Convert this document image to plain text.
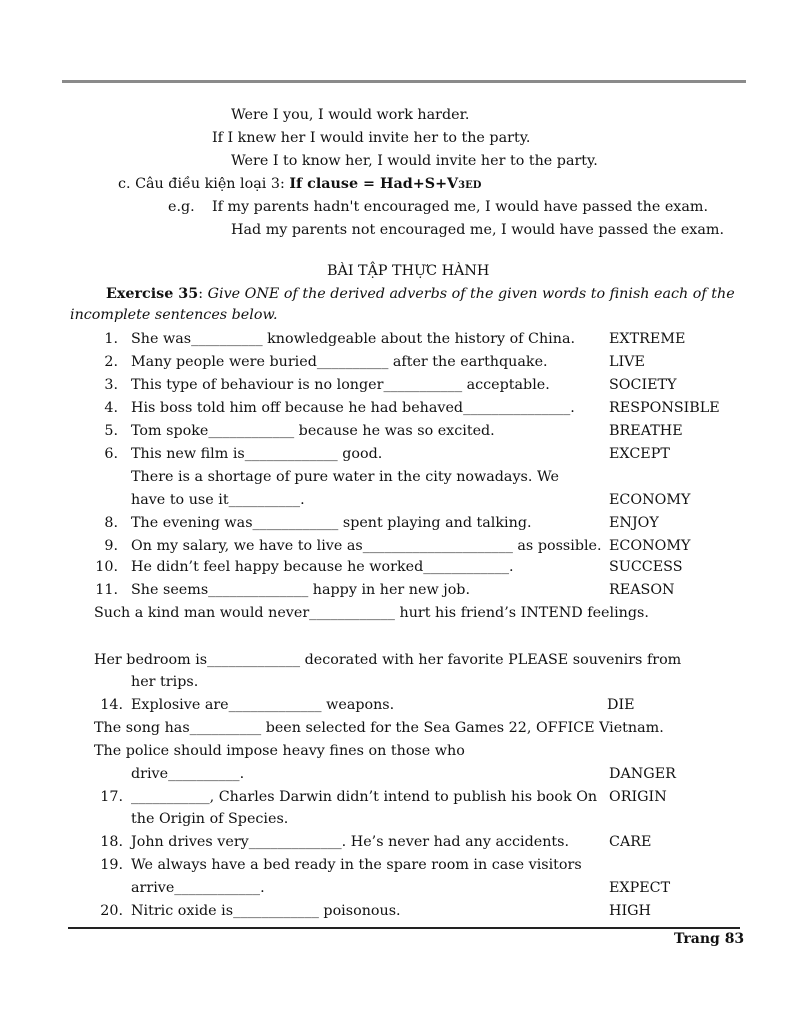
Were I you, I would work harder.
If I knew her I would invite her to the party.
Were I to know her, I would invite her to the party.
c. Câu điều kiện loại 3: If clause = Had+S+V3ED
e.g. If my parents hadn't encouraged me, I would have passed the exam.
Had my parents not encouraged me, I would have passed the exam.
BÀI TẬP THỰC HÀNH
Exercise 35: Give ONE of the derived adverbs of the given words to finish each of the
incomplete sentences below.
1. She was__________ knowledgeable about the history of China. EXTREME
2. Many people were buried__________ after the earthquake.	LIVE
3. This type of behaviour is no longer___________ acceptable.	SOCIETY
4. His boss told him off because he had behaved_______________. RESPONSIBLE
5. Tom spoke____________ because he was so excited.	BREATHE
6. This new film is_____________ good.	EXCEPT
There is a shortage of pure water in the city nowadays. We
have to use it__________.	ECONOMY
8. The evening was____________ spent playing and talking.	ENJOY
9. On my salary, we have to live as_____________________ as possible. ECONOMY
10. He didn’t feel happy because he worked____________.	SUCCESS
11. She seems______________ happy in her new job.	REASON
Such a kind man would never____________ hurt his friend’s INTEND feelings.
Her bedroom is_____________ decorated with her favorite PLEASE souvenirs from
her trips.
14. Explosive are_____________ weapons.	DIE
The song has__________ been selected for the Sea Games 22, OFFICE Vietnam.
The police should impose heavy fines on those who
drive__________.	DANGER
17. ___________, Charles Darwin didn’t intend to publish his book On ORIGIN
the Origin of Species.
18. John drives very_____________. He’s never had any accidents.	CARE
19. We always have a bed ready in the spare room in case visitors
arrive____________.	EXPECT
20. Nitric oxide is____________ poisonous.	HIGH
Trang 83
